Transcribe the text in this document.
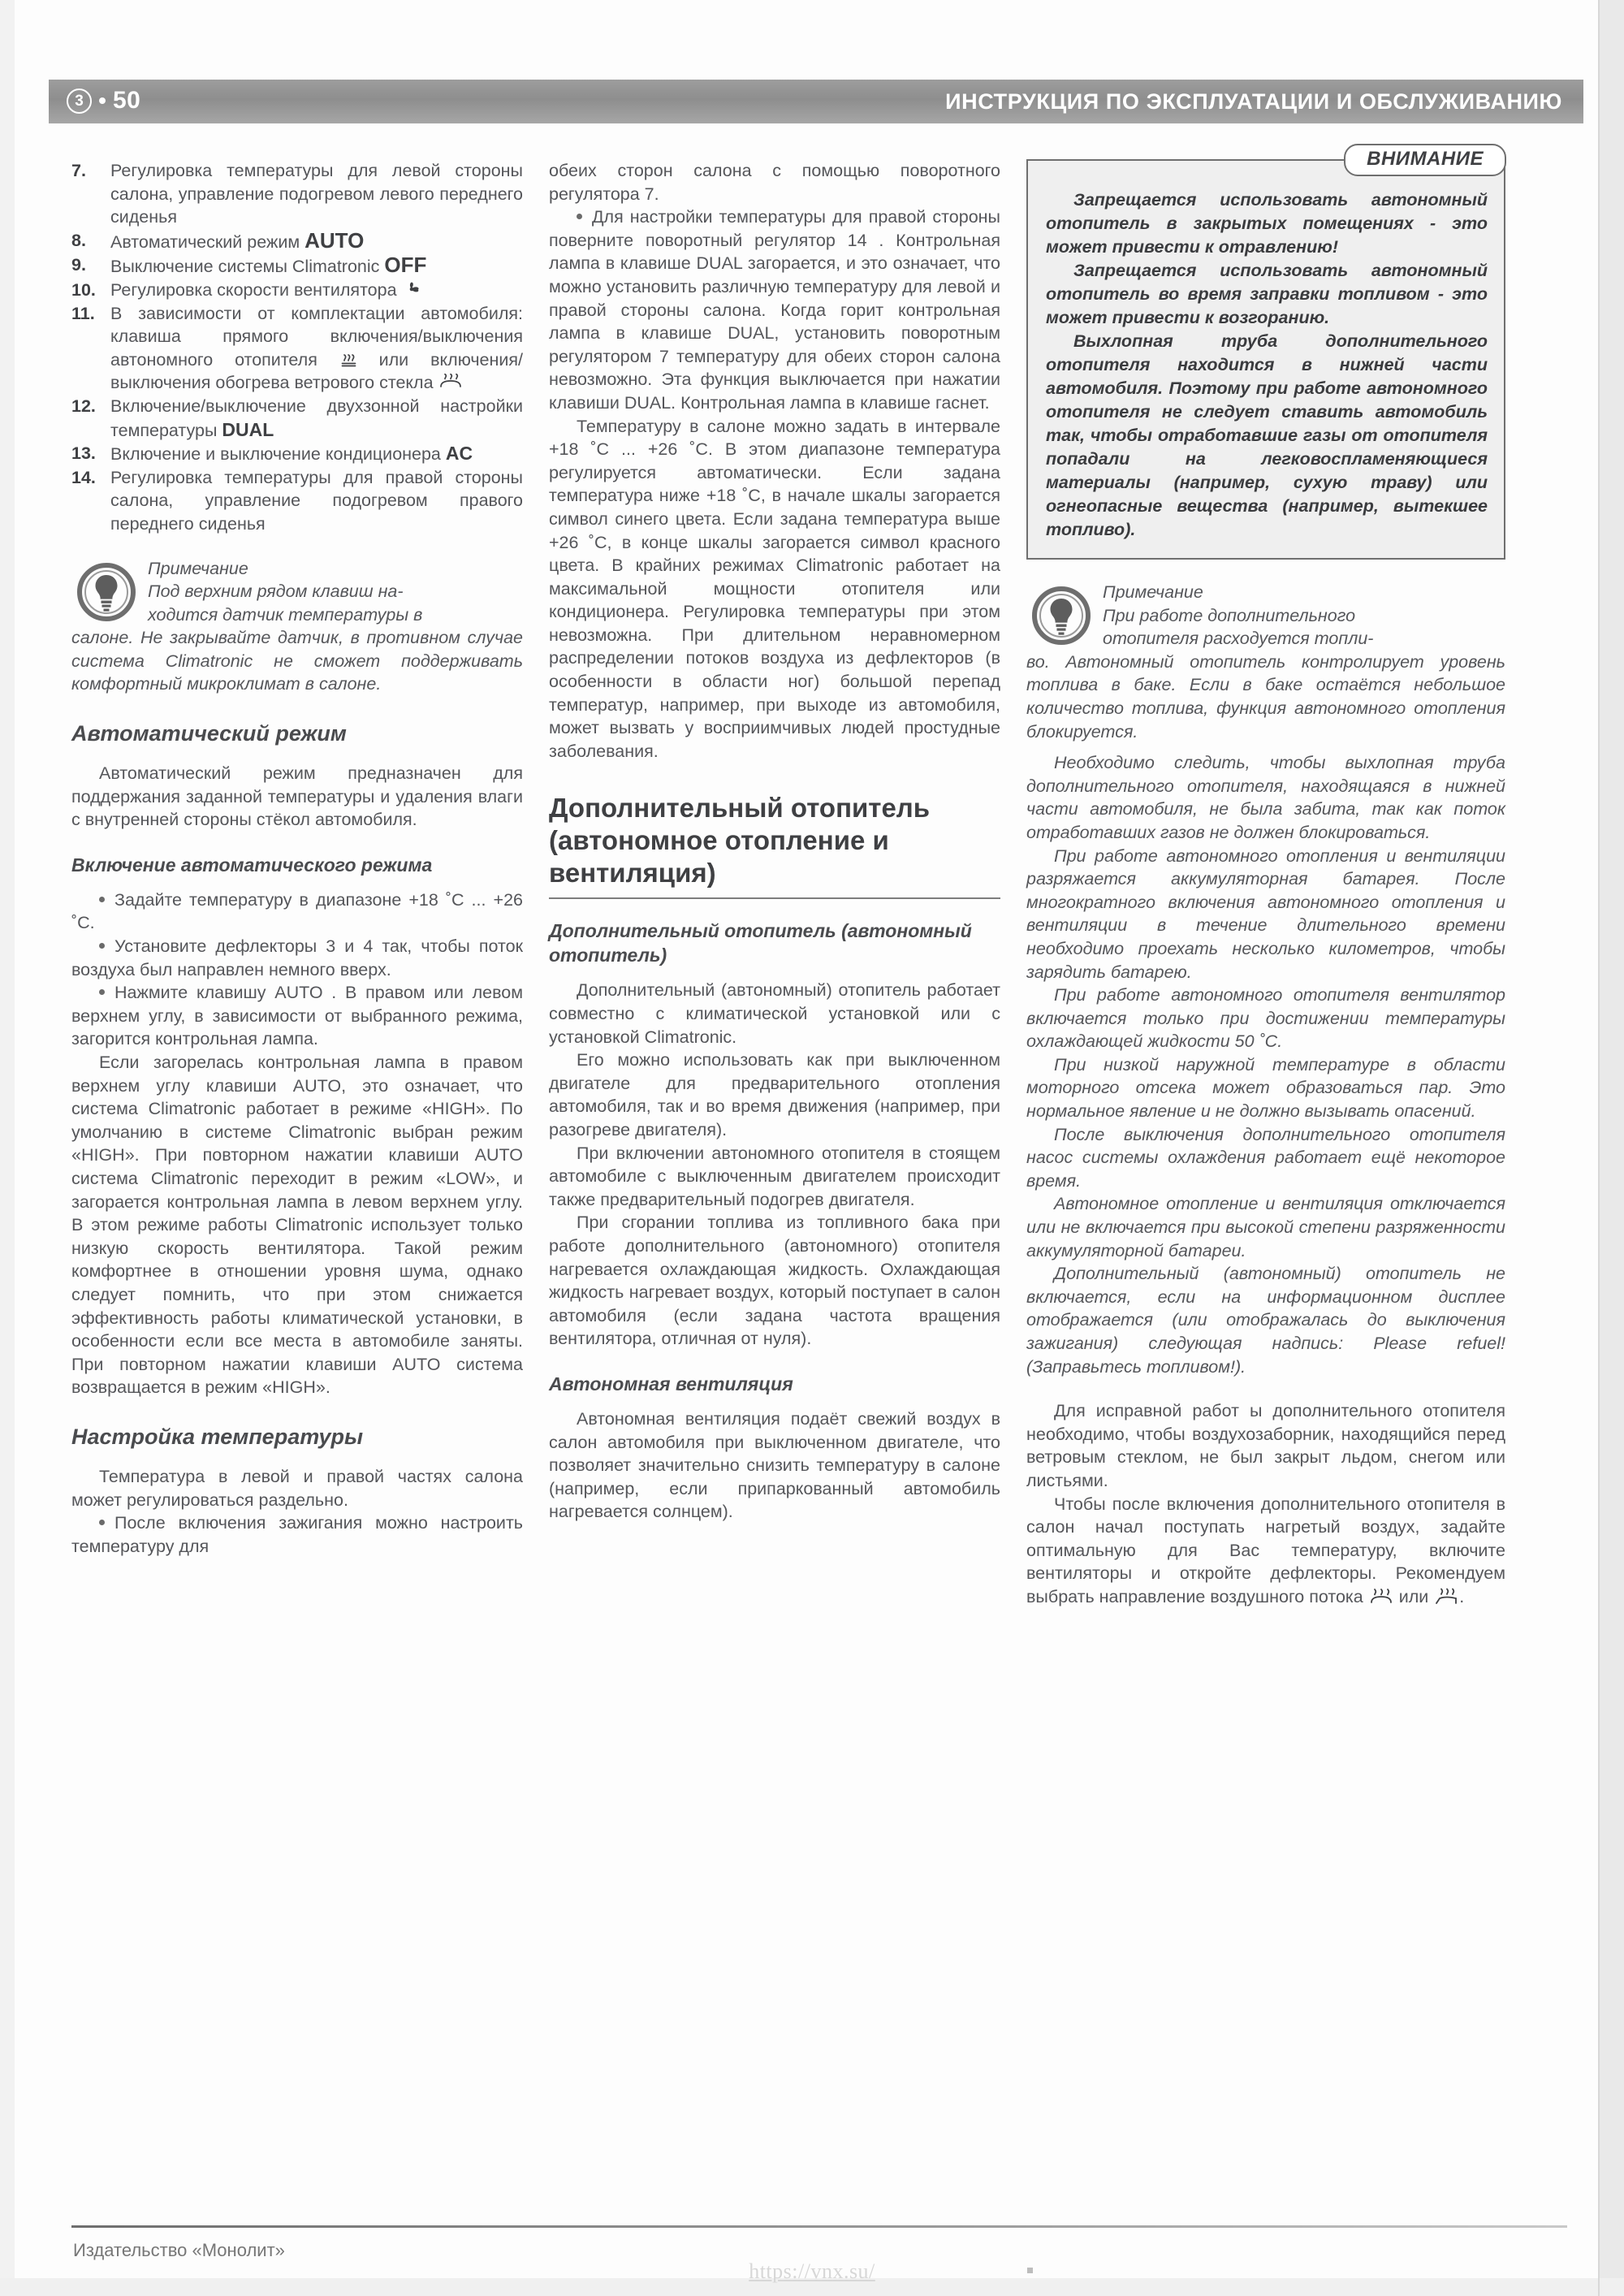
3	50	ИНСТРУКЦИЯ ПО ЭКСПЛУАТАЦИИ И ОБСЛУЖИВАНИЮ
7.	Регулировка температуры для левой стороны салона, управление подогревом левого переднего сиденья
8.	Автоматический режим AUTO
9.	Выключение системы Climatronic OFF
10. Регулировка скорости вентилятора
11. В зависимости от комплектации автомобиля: клавиша прямого включения/выключения автономного отопителя
или включения/выключения обогрева ветрового стекла
12. Включение/выключение двухзонной настройки температуры DUAL
13. Включение и выключение кондиционера AC
14. Регулировка температуры для правой стороны салона, управление подогревом правого переднего сиденья
Примечание
Под верхним рядом клавиш на-
ходится датчик температуры в
салоне. Не закрывайте датчик, в противном случае система Climatronic не сможет поддерживать комфортный микроклимат в салоне.
Автоматический режим

Автоматический режим предназначен для поддержания заданной температуры и удаления влаги с внутренней стороны стёкол автомобиля.

Включение автоматического режима

Задайте температуру в диапазоне +18 ˚С ... +26 ˚С.

Установите дефлекторы 3 и 4 так, чтобы поток воздуха был направлен немного вверх.

Нажмите клавишу AUTO . В правом или левом верхнем углу, в зависимости от выбранного режима, загорится контрольная лампа.

Если загорелась контрольная лампа в правом верхнем углу клавиши AUTO, это означает, что система Climatronic работает в режиме «HIGH». По умолчанию в системе Climatronic выбран режим «HIGH». При повторном нажатии клавиши AUTO система Climatronic переходит в режим «LOW», и загорается контрольная лампа в левом верхнем углу. В этом режиме работы Climatronic использует только низкую скорость вентилятора. Такой режим комфортнее в отношении уровня шума, однако следует помнить, что при этом снижается эффективность работы климатической установки, в особенности если все места в автомобиле заняты. При повторном нажатии клавиши AUTO система возвращается в режим «HIGH».

Настройка температуры

Температура в левой и правой частях салона может регулироваться раздельно.

После включения зажигания можно настроить температуру для

обеих сторон салона с помощью поворотного регулятора 7.

Для настройки температуры для правой стороны поверните поворотный регулятор 14 . Контрольная лампа в клавише DUAL загорается, и это означает, что можно установить различную температуру для левой и правой стороны салона. Когда горит контрольная лампа в клавише DUAL, установить поворотным регулятором 7 температуру для обеих сторон салона невозможно. Эта функция выключается при нажатии клавиши DUAL. Контрольная лампа в клавише гаснет.

Температуру в салоне можно задать в интервале +18 ˚С ... +26 ˚С. В этом диапазоне температура регулируется автоматически. Если задана температура ниже +18 ˚С, в начале шкалы загорается символ синего цвета. Если задана температура выше +26 ˚С, в конце шкалы загорается символ красного цвета. В крайних режимах Climatronic работает на максимальной мощности отопителя или кондиционера. Регулировка температуры при этом невозможна. При длительном неравномерном распределении потоков воздуха из дефлекторов (в особенности в области ног) большой перепад температур, например, при выходе из автомобиля, может вызвать у восприимчивых людей простудные заболевания.

Дополнительный отопитель (автономное отопление и вентиляция)
Дополнительный отопитель (автономный отопитель)

Дополнительный (автономный) отопитель работает совместно с климатической установкой или с установкой Climatronic.

Его можно использовать как при выключенном двигателе для предварительного отопления автомобиля, так и во время движения (например, при разогреве двигателя).

При включении автономного отопителя в стоящем автомобиле с выключенным двигателем происходит также предварительный подогрев двигателя.

При сгорании топлива из топливного бака при работе дополнительного (автономного) отопителя нагревается охлаждающая жидкость. Охлаждающая жидкость нагревает воздух, который поступает в салон автомобиля (если задана частота вращения вентилятора, отличная от нуля).

Автономная вентиляция

Автономная вентиляция подаёт свежий воздух в салон автомобиля при выключенном двигателе, что позволяет значительно снизить температуру в салоне (например, если припаркованный автомобиль нагревается солнцем).

ВНИМАНИЕ

Запрещается использовать автономный отопитель в закрытых помещениях - это может привести к отравлению!

Запрещается использовать автономный отопитель во время заправки топливом - это может привести к возгоранию.

Выхлопная труба дополнительного отопителя находится в нижней части автомобиля. Поэтому при работе автономного отопителя не следует ставить автомобиль так, чтобы отработавшие газы от отопителя попадали на легковоспламеняющиеся материалы (например, сухую траву) или огнеопасные вещества (например, вытекшее топливо).

Примечание
При работе дополнительного
отопителя расходуется топли-
во. Автономный отопитель контролирует уровень топлива в баке. Если в баке остаётся небольшое количество топлива, функция автономного отопления блокируется.

Необходимо следить, чтобы выхлопная труба дополнительного отопителя, находящаяся в нижней части автомобиля, не была забита, так как поток отработавших газов не должен блокироваться.

При работе автономного отопления и вентиляции разряжается аккумуляторная батарея. После многократного включения автономного отопления и вентиляции в течение длительного времени необходимо проехать несколько километров, чтобы зарядить батарею.

При работе автономного отопителя вентилятор включается только при достижении температуры охлаждающей жидкости 50 ˚С.

При низкой наружной температуре в области моторного отсека может образоваться пар. Это нормальное явление и не должно вызывать опасений.

После выключения дополнительного отопителя насос системы охлаждения работает ещё некоторое время.

Автономное отопление и вентиляция отключается или не включается при высокой степени разряженности аккумуляторной батареи.

Дополнительный (автономный) отопитель не включается, если на информационном дисплее отображается (или отображалась до выключения зажигания) следующая надпись: Please refuel! (Заправьтесь топливом!).

Для исправной работ ы дополнительного отопителя необходимо, чтобы воздухозаборник, находящийся перед ветровым стеклом, не был закрыт льдом, снегом или листьями.

Чтобы после включения дополнительного отопителя в салон начал поступать нагретый воздух, задайте оптимальную для Вас температуру, включите вентиляторы и откройте дефлекторы. Рекомендуем выбрать направление воздушного потока
или
.

Издательство «Монолит»
https://vnx.su/
